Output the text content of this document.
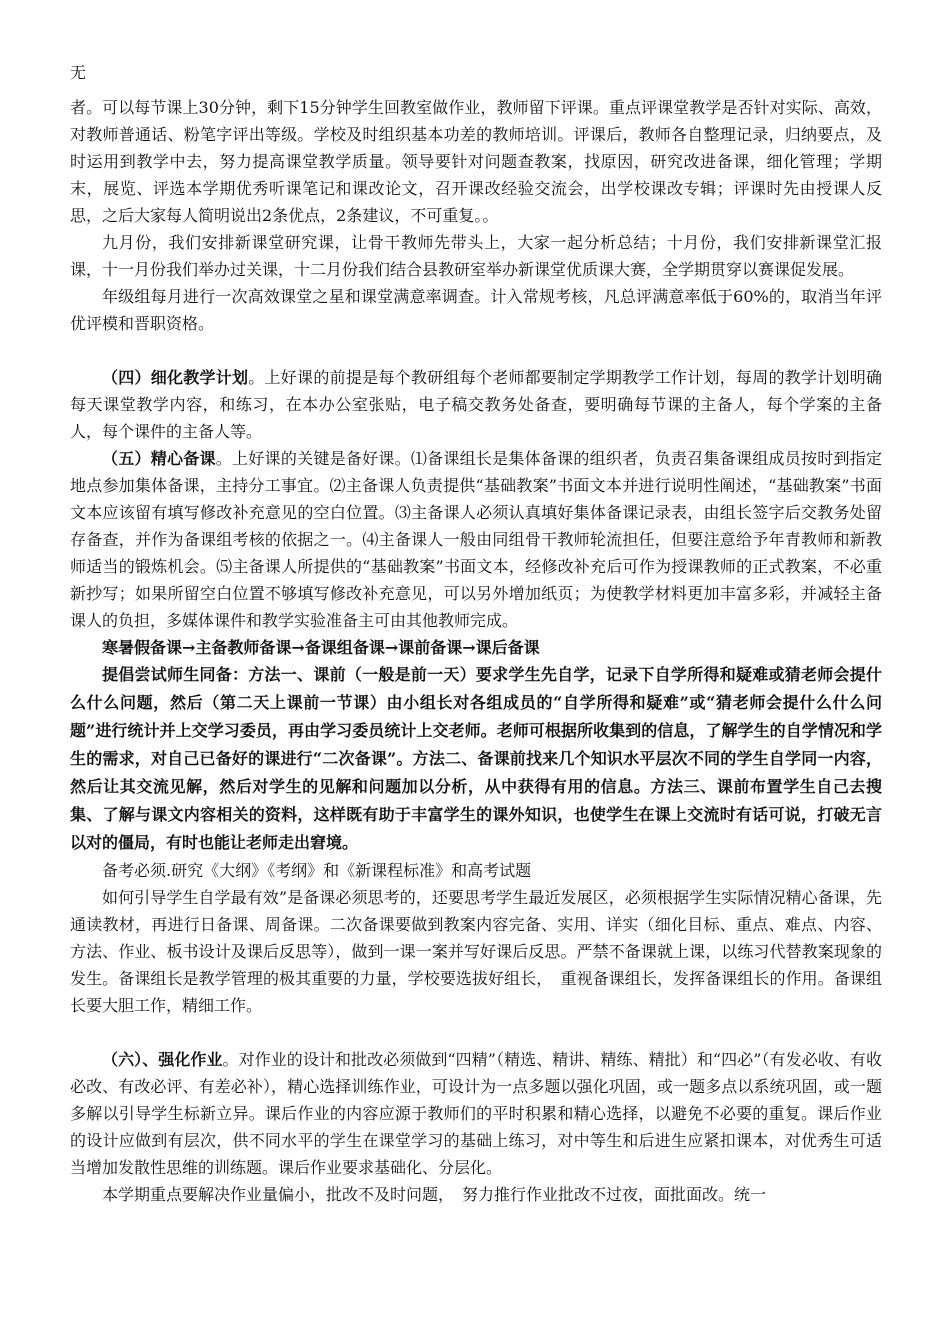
无

者。可以每节课上30分钟，剩下15分钟学生回教室做作业，教师留下评课。重点评课堂教学是否针对实际、高效，对教师普通话、粉笔字评出等级。学校及时组织基本功差的教师培训。评课后，教师各自整理记录，归纳要点，及时运用到教学中去，努力提高课堂教学质量。领导要针对问题查教案，找原因，研究改进备课，细化管理；学期末，展览、评选本学期优秀听课笔记和课改论文，召开课改经验交流会，出学校课改专辑；评课时先由授课人反思，之后大家每人简明说出2条优点，2条建议，不可重复。。

九月份，我们安排新课堂研究课，让骨干教师先带头上，大家一起分析总结；十月份，我们安排新课堂汇报课，十一月份我们举办过关课，十二月份我们结合县教研室举办新课堂优质课大赛，全学期贯穿以赛课促发展。

年级组每月进行一次高效课堂之星和课堂满意率调查。计入常规考核，凡总评满意率低于60%的，取消当年评优评模和晋职资格。

（四）细化教学计划。上好课的前提是每个教研组每个老师都要制定学期教学工作计划，每周的教学计划明确每天课堂教学内容，和练习，在本办公室张贴，电子稿交教务处备查，要明确每节课的主备人，每个学案的主备人，每个课件的主备人等。

（五）精心备课。上好课的关键是备好课。⑴备课组长是集体备课的组织者，负责召集备课组成员按时到指定地点参加集体备课，主持分工事宜。⑵主备课人负责提供“基础教案”书面文本并进行说明性阐述，“基础教案”书面文本应该留有填写修改补充意见的空白位置。⑶主备课人必须认真填好集体备课记录表，由组长签字后交教务处留存备查，并作为备课组考核的依据之一。⑷主备课人一般由同组骨干教师轮流担任，但要注意给予年青教师和新教师适当的锻炼机会。⑸主备课人所提供的“基础教案”书面文本，经修改补充后可作为授课教师的正式教案，不必重新抄写；如果所留空白位置不够填写修改补充意见，可以另外增加纸页；为使教学材料更加丰富多彩，并减轻主备课人的负担，多媒体课件和教学实验准备主可由其他教师完成。

寒暑假备课→主备教师备课→备课组备课→课前备课→课后备课

提倡尝试师生同备：方法一、课前（一般是前一天）要求学生先自学，记录下自学所得和疑难或猜老师会提什么什么问题，然后（第二天上课前一节课）由小组长对各组成员的“自学所得和疑难”或“猜老师会提什么什么问题”进行统计并上交学习委员，再由学习委员统计上交老师。老师可根据所收集到的信息，了解学生的自学情况和学生的需求，对自己已备好的课进行“二次备课”。方法二、备课前找来几个知识水平层次不同的学生自学同一内容，然后让其交流见解，然后对学生的见解和问题加以分析，从中获得有用的信息。方法三、课前布置学生自己去搜集、了解与课文内容相关的资料，这样既有助于丰富学生的课外知识，也使学生在课上交流时有话可说，打破无言以对的僵局，有时也能让老师走出窘境。

备考必须.研究《大纲》《考纲》和《新课程标准》和高考试题

如何引导学生自学最有效”是备课必须思考的，还要思考学生最近发展区，必须根据学生实际情况精心备课，先通读教材，再进行日备课、周备课。二次备课要做到教案内容完备、实用、详实（细化目标、重点、难点、内容、方法、作业、板书设计及课后反思等），做到一课一案并写好课后反思。严禁不备课就上课，以练习代替教案现象的发生。备课组长是教学管理的极其重要的力量，学校要选拔好组长，　重视备课组长，发挥备课组长的作用。备课组长要大胆工作，精细工作。

（六）、强化作业。对作业的设计和批改必须做到“四精”（精选、精讲、精练、精批）和“四必”（有发必收、有收必改、有改必评、有差必补），精心选择训练作业，可设计为一点多题以强化巩固，或一题多点以系统巩固，或一题多解以引导学生标新立异。课后作业的内容应源于教师们的平时积累和精心选择，以避免不必要的重复。课后作业的设计应做到有层次，供不同水平的学生在课堂学习的基础上练习，对中等生和后进生应紧扣课本，对优秀生可适当增加发散性思维的训练题。课后作业要求基础化、分层化。

本学期重点要解决作业量偏小，批改不及时问题，　努力推行作业批改不过夜，面批面改。统一
